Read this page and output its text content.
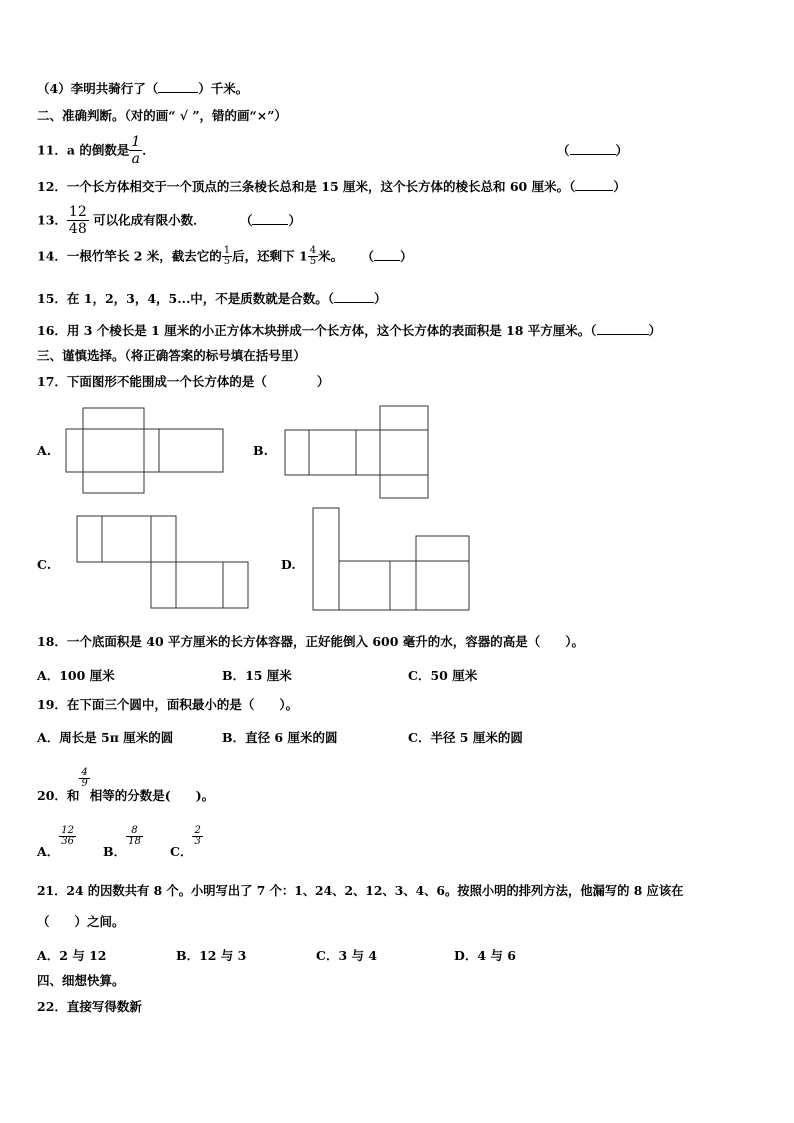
（4）李明共骑行了（	）千米。
二、准确判断。（对的画“ √ ”，错的画“×”）
11．a 的倒数是 $\frac{1}{a}$ ．	（	）
12．一个长方体相交于一个顶点的三条棱长总和是 15 厘米，这个长方体的棱长总和 60 厘米。（	）
13． $\frac{12}{48}$ 可以化成有限小数．	（	）
14．一根竹竿长 2 米，截去它的 $\frac{1}{5}$ 后，还剩下 $1 \frac{4}{5}$ 米。 （ ）
15．在 1，2，3，4，5...中，不是质数就是合数。（	）
16．用 3 个棱长是 1 厘米的小正方体木块拼成一个长方体，这个长方体的表面积是 18 平方厘米。（	）
三、谨慎选择。（将正确答案的标号填在括号里）
17．下面图形不能围成一个长方体的是（　　　　）
A.	B.
C.	D.
18．一个底面积是 40 平方厘米的长方体容器，正好能倒入 600 毫升的水，容器的高是（　　）。
A．100 厘米	B．15 厘米	C．50 厘米
19．在下面三个圆中，面积最小的是（　　）。
A．周长是 5π 厘米的圆	B．直径 6 厘米的圆	C．半径 5 厘米的圆
20．和
$\frac{4}{9}$
相等的分数是(　　)。
A．
$\frac{12}{36}$
B．
$\frac{8}{18}$
C．
$\frac{2}{3}$
21．24 的因数共有 8 个。小明写出了 7 个：1、24、2、12、3、4、6。按照小明的排列方法，他漏写的 8 应该在
（　　）之间。
A．2 与 12	B．12 与 3	C．3 与 4	D．4 与 6
四、细想快算。
22．直接写得数新
